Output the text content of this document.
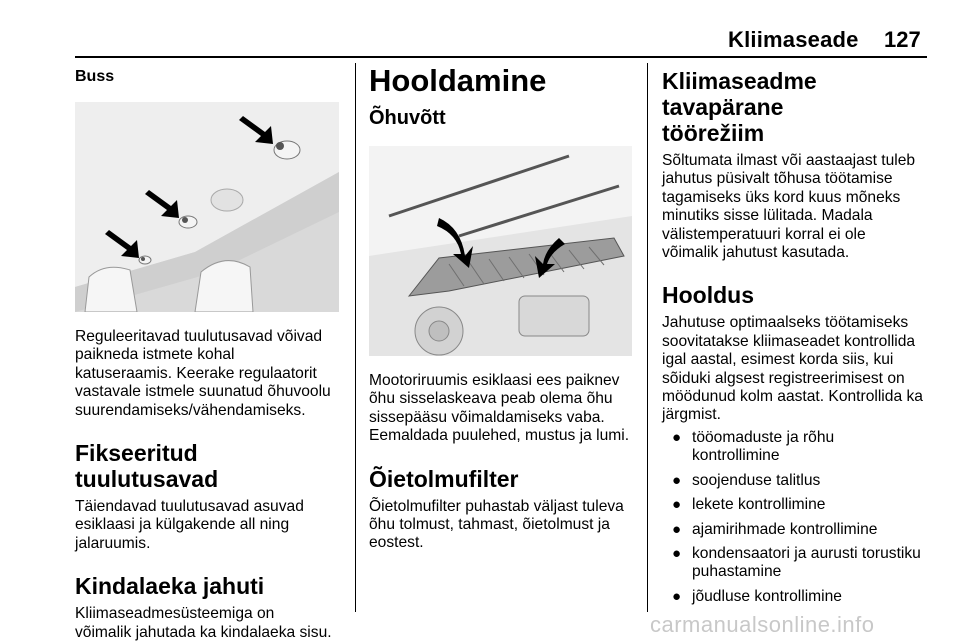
Kliimaseade 127
Buss

Reguleeritavad tuulutusavad võivad
paikneda istmete kohal
katuseraamis. Keerake regulaatorit
vastavale istmele suunatud õhuvoolu
suurendamiseks/vähendamiseks.

Fikseeritud tuulutusavad

Täiendavad tuulutusavad asuvad
esiklaasi ja külgakende all ning
jalaruumis.

Kindalaeka jahuti

Kliimaseadmesüsteemiga on
võimalik jahutada ka kindalaeka sisu.

Hooldamine
Õhuvõtt

Mootoriruumis esiklaasi ees paiknev
õhu sisselaskeava peab olema õhu
sissepääsu võimaldamiseks vaba.
Eemaldada puulehed, mustus ja lumi.

Õietolmufilter

Õietolmufilter puhastab väljast tuleva
õhu tolmust, tahmast, õietolmust ja
eostest.

Kliimaseadme tavapärane
töörežiim

Sõltumata ilmast või aastaajast tuleb
jahutus püsivalt tõhusa töötamise
tagamiseks üks kord kuus mõneks
minutiks sisse lülitada. Madala
välistemperatuuri korral ei ole
võimalik jahutust kasutada.

Hooldus

Jahutuse optimaalseks töötamiseks
soovitatakse kliimaseadet kontrollida
igal aastal, esimest korda siis, kui
sõiduki algsest registreerimisest on
möödunud kolm aastat. Kontrollida ka
järgmist.

● tööomaduste ja rõhu
kontrollimine
● soojenduse talitlus
● lekete kontrollimine
● ajamirihmade kontrollimine
● kondensaatori ja aurusti torustiku
puhastamine
● jõudluse kontrollimine
carmanualsonline.info
